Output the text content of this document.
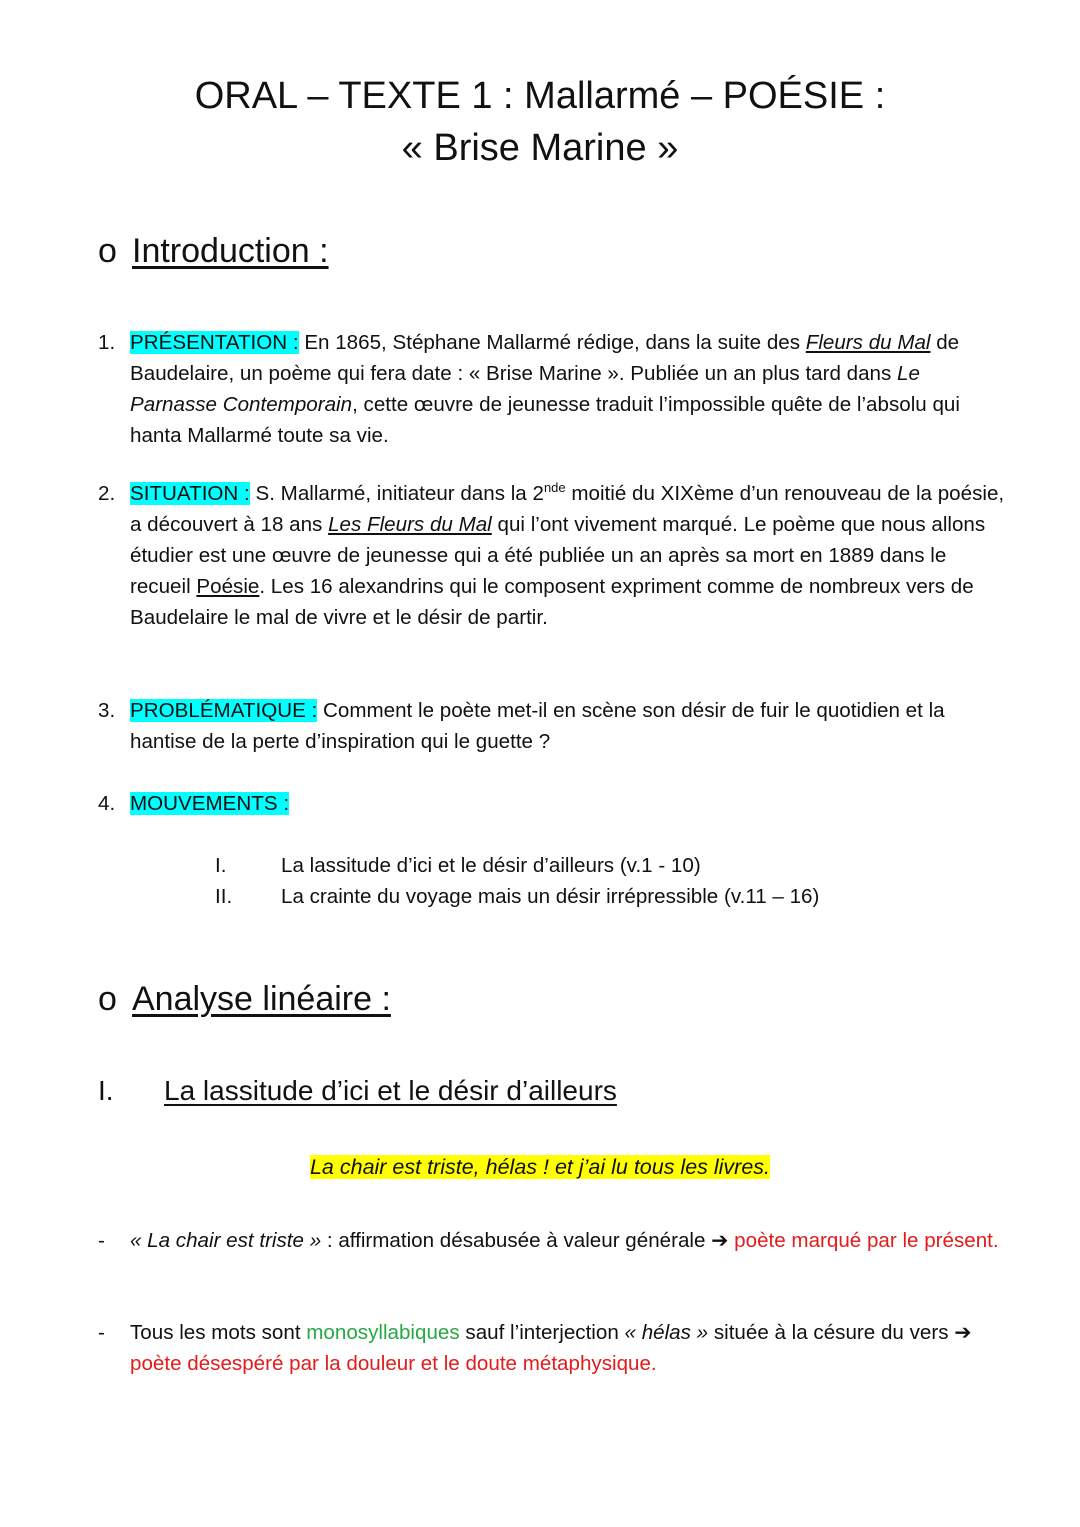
ORAL – TEXTE 1 : Mallarmé – POÉSIE :
« Brise Marine »
o Introduction :
1. PRÉSENTATION : En 1865, Stéphane Mallarmé rédige, dans la suite des Fleurs du Mal de Baudelaire, un poème qui fera date : « Brise Marine ». Publiée un an plus tard dans Le Parnasse Contemporain, cette œuvre de jeunesse traduit l’impossible quête de l’absolu qui hanta Mallarmé toute sa vie.
2. SITUATION : S. Mallarmé, initiateur dans la 2nde moitié du XIXème d’un renouveau de la poésie, a découvert à 18 ans Les Fleurs du Mal qui l’ont vivement marqué. Le poème que nous allons étudier est une œuvre de jeunesse qui a été publiée un an après sa mort en 1889 dans le recueil Poésie. Les 16 alexandrins qui le composent expriment comme de nombreux vers de Baudelaire le mal de vivre et le désir de partir.
3. PROBLÉMATIQUE : Comment le poète met-il en scène son désir de fuir le quotidien et la hantise de la perte d’inspiration qui le guette ?
4. MOUVEMENTS :
I.	La lassitude d’ici et le désir d’ailleurs (v.1 - 10)
II. La crainte du voyage mais un désir irrépressible (v.11 – 16)
o Analyse linéaire :
I. La lassitude d’ici et le désir d’ailleurs
La chair est triste, hélas ! et j’ai lu tous les livres.
- « La chair est triste » : affirmation désabusée à valeur générale ➔ poète marqué par le présent.
- Tous les mots sont monosyllabiques sauf l’interjection « hélas » située à la césure du vers ➔ poète désespéré par la douleur et le doute métaphysique.
